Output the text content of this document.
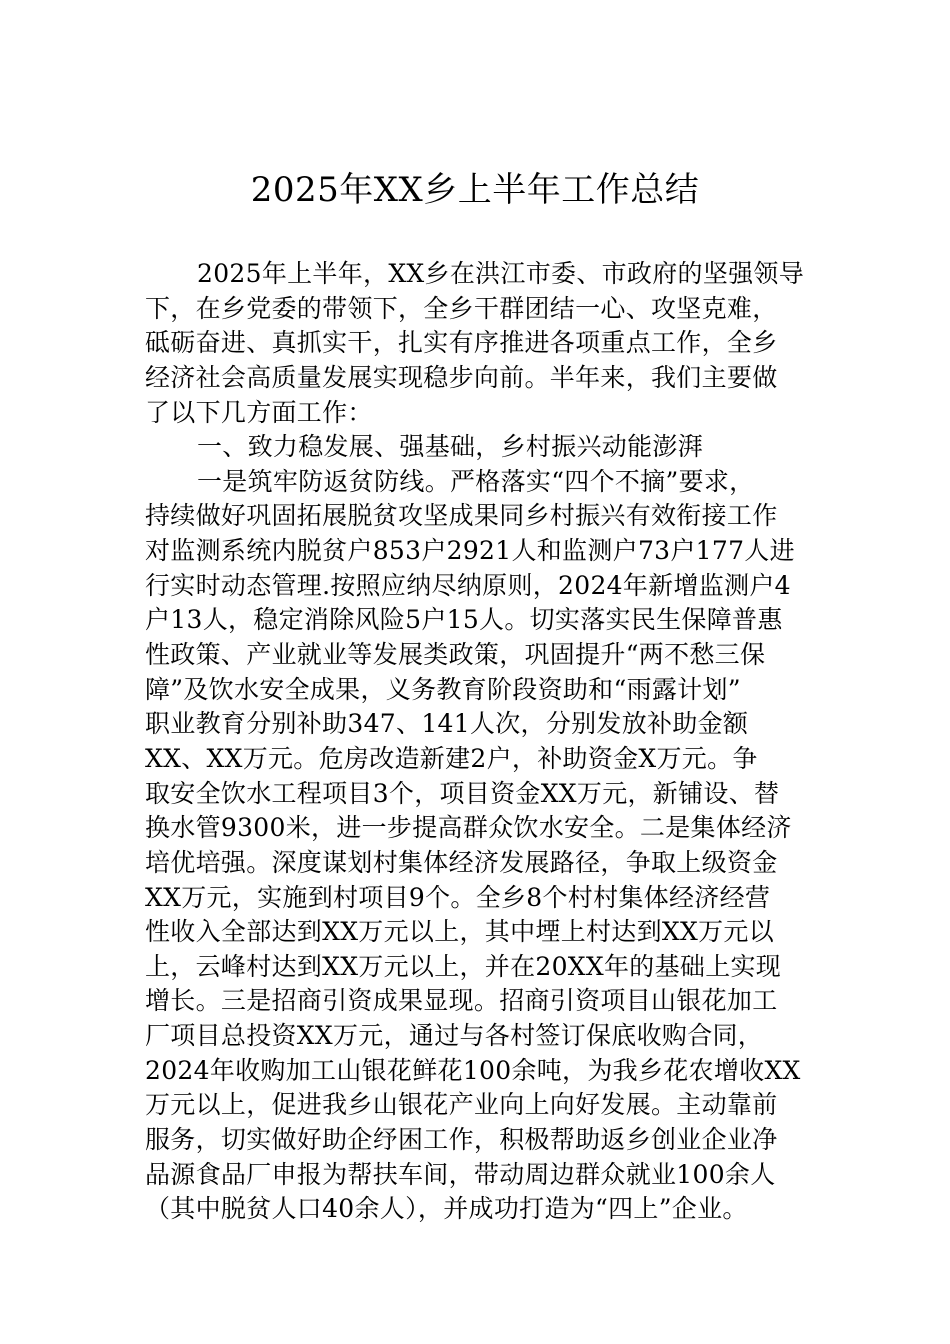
2025年XX乡上半年工作总结
2025年上半年，XX乡在洪江市委、市政府的坚强领导
下，在乡党委的带领下，全乡干群团结一心、攻坚克难，
砥砺奋进、真抓实干，扎实有序推进各项重点工作，全乡
经济社会高质量发展实现稳步向前。半年来，我们主要做
了以下几方面工作：
一、致力稳发展、强基础，乡村振兴动能澎湃
一是筑牢防返贫防线。严格落实“四个不摘”要求，
持续做好巩固拓展脱贫攻坚成果同乡村振兴有效衔接工作
对监测系统内脱贫户853户2921人和监测户73户177人进
行实时动态管理.按照应纳尽纳原则，2024年新增监测户4
户13人，稳定消除风险5户15人。切实落实民生保障普惠
性政策、产业就业等发展类政策，巩固提升“两不愁三保
障”及饮水安全成果，义务教育阶段资助和“雨露计划”
职业教育分别补助347、141人次，分别发放补助金额
XX、XX万元。危房改造新建2户，补助资金X万元。争
取安全饮水工程项目3个，项目资金XX万元，新铺设、替
换水管9300米，进一步提高群众饮水安全。二是集体经济
培优培强。深度谋划村集体经济发展路径，争取上级资金
XX万元，实施到村项目9个。全乡8个村村集体经济经营
性收入全部达到XX万元以上，其中堙上村达到XX万元以
上，云峰村达到XX万元以上，并在20XX年的基础上实现
增长。三是招商引资成果显现。招商引资项目山银花加工
厂项目总投资XX万元，通过与各村签订保底收购合同，
2024年收购加工山银花鲜花100余吨，为我乡花农增收XX
万元以上，促进我乡山银花产业向上向好发展。主动靠前
服务，切实做好助企纾困工作，积极帮助返乡创业企业净
品源食品厂申报为帮扶车间，带动周边群众就业100余人
（其中脱贫人口40余人），并成功打造为“四上”企业。
